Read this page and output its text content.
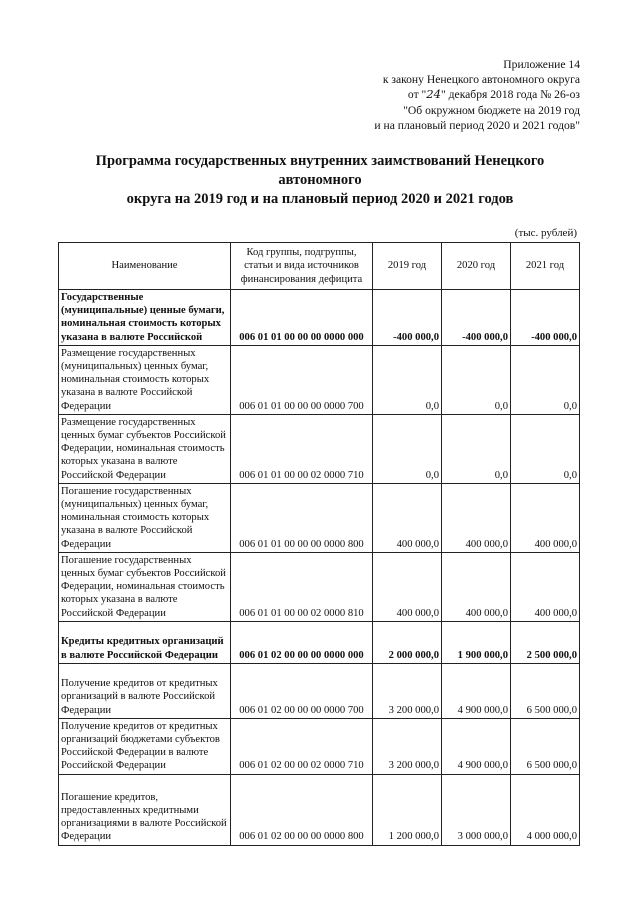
Приложение 14
к закону Ненецкого автономного округа
от "24" декабря 2018 года № 26-оз
"Об окружном бюджете на 2019 год
и на плановый период 2020 и 2021 годов"
Программа государственных внутренних заимствований Ненецкого автономного
округа на 2019 год и на плановый период 2020 и 2021 годов
(тыс. рублей)
Наименование	Код группы, подгруппы, статьи и вида источников финансирования дефицита	2019 год	2020 год	2021 год
Государственные (муниципальные) ценные бумаги, номинальная стоимость которых указана в валюте Российской	006 01 01 00 00 00 0000 000	-400 000,0	-400 000,0	-400 000,0
Размещение государственных (муниципальных) ценных бумаг, номинальная стоимость которых указана в валюте Российской Федерации	006 01 01 00 00 00 0000 700	0,0	0,0	0,0
Размещение государственных ценных бумаг субъектов Российской Федерации, номинальная стоимость которых указана в валюте Российской Федерации	006 01 01 00 00 02 0000 710	0,0	0,0	0,0
Погашение государственных (муниципальных) ценных бумаг, номинальная стоимость которых указана в валюте Российской Федерации	006 01 01 00 00 00 0000 800	400 000,0	400 000,0	400 000,0
Погашение государственных ценных бумаг субъектов Российской Федерации, номинальная стоимость которых указана в валюте Российской Федерации	006 01 01 00 00 02 0000 810	400 000,0	400 000,0	400 000,0
Кредиты кредитных организаций в валюте Российской Федерации	006 01 02 00 00 00 0000 000	2 000 000,0	1 900 000,0	2 500 000,0
Получение кредитов от кредитных организаций в валюте Российской Федерации	006 01 02 00 00 00 0000 700	3 200 000,0	4 900 000,0	6 500 000,0
Получение кредитов от кредитных организаций бюджетами субъектов Российской Федерации в валюте Российской Федерации	006 01 02 00 00 02 0000 710	3 200 000,0	4 900 000,0	6 500 000,0
Погашение кредитов, предоставленных кредитными организациями в валюте Российской Федерации	006 01 02 00 00 00 0000 800	1 200 000,0	3 000 000,0	4 000 000,0
